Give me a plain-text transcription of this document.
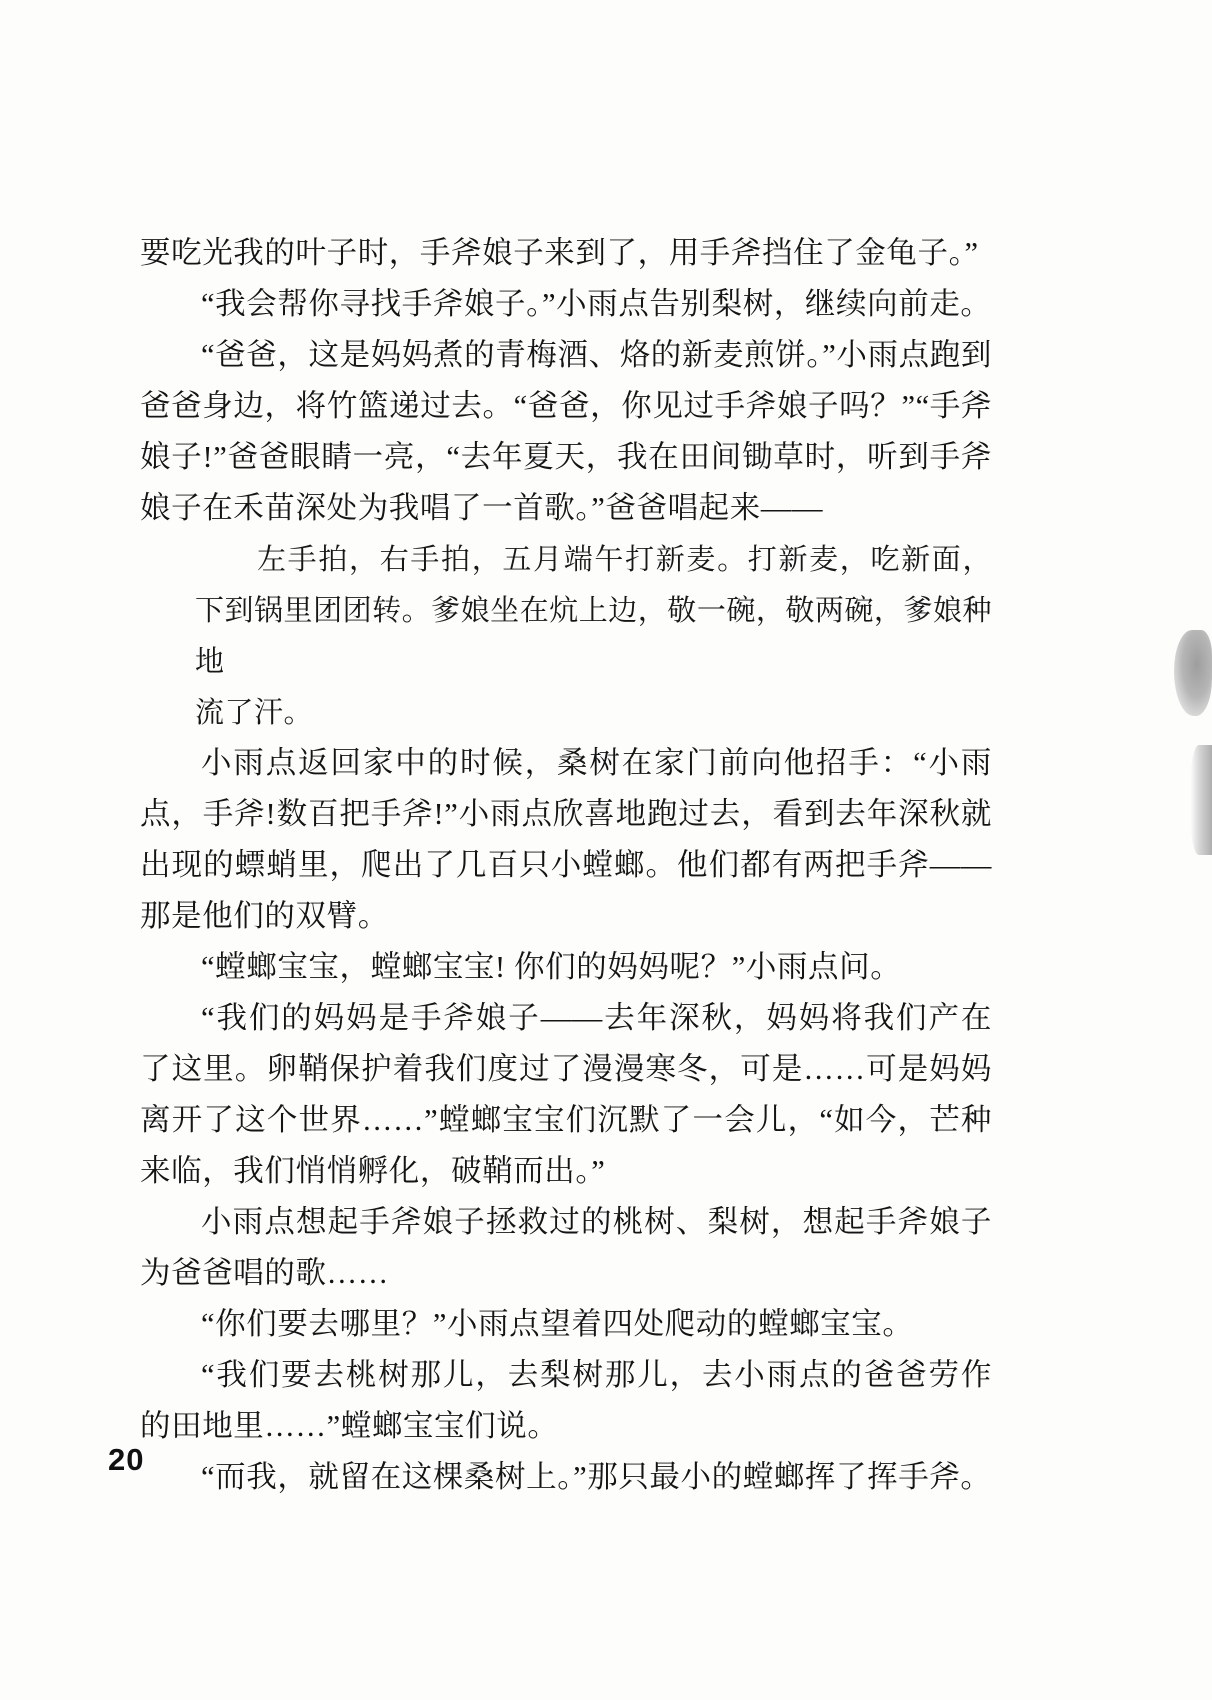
要吃光我的叶子时，手斧娘子来到了，用手斧挡住了金龟子。”

“我会帮你寻找手斧娘子。”小雨点告别梨树，继续向前走。

“爸爸，这是妈妈煮的青梅酒、烙的新麦煎饼。”小雨点跑到爸爸身边，将竹篮递过去。“爸爸，你见过手斧娘子吗？”“手斧娘子!”爸爸眼睛一亮，“去年夏天，我在田间锄草时，听到手斧娘子在禾苗深处为我唱了一首歌。”爸爸唱起来——

左手拍，右手拍，五月端午打新麦。打新麦，吃新面，下到锅里团团转。爹娘坐在炕上边，敬一碗，敬两碗，爹娘种地
流了汗。

小雨点返回家中的时候，桑树在家门前向他招手：“小雨点，手斧!数百把手斧!”小雨点欣喜地跑过去，看到去年深秋就出现的螵蛸里，爬出了几百只小螳螂。他们都有两把手斧——那是他们的双臂。

“螳螂宝宝，螳螂宝宝! 你们的妈妈呢？”小雨点问。

“我们的妈妈是手斧娘子——去年深秋，妈妈将我们产在了这里。卵鞘保护着我们度过了漫漫寒冬，可是……可是妈妈离开了这个世界……”螳螂宝宝们沉默了一会儿，“如今，芒种来临，我们悄悄孵化，破鞘而出。”

小雨点想起手斧娘子拯救过的桃树、梨树，想起手斧娘子为爸爸唱的歌……

“你们要去哪里？”小雨点望着四处爬动的螳螂宝宝。

“我们要去桃树那儿，去梨树那儿，去小雨点的爸爸劳作的田地里……”螳螂宝宝们说。

“而我，就留在这棵桑树上。”那只最小的螳螂挥了挥手斧。

20
